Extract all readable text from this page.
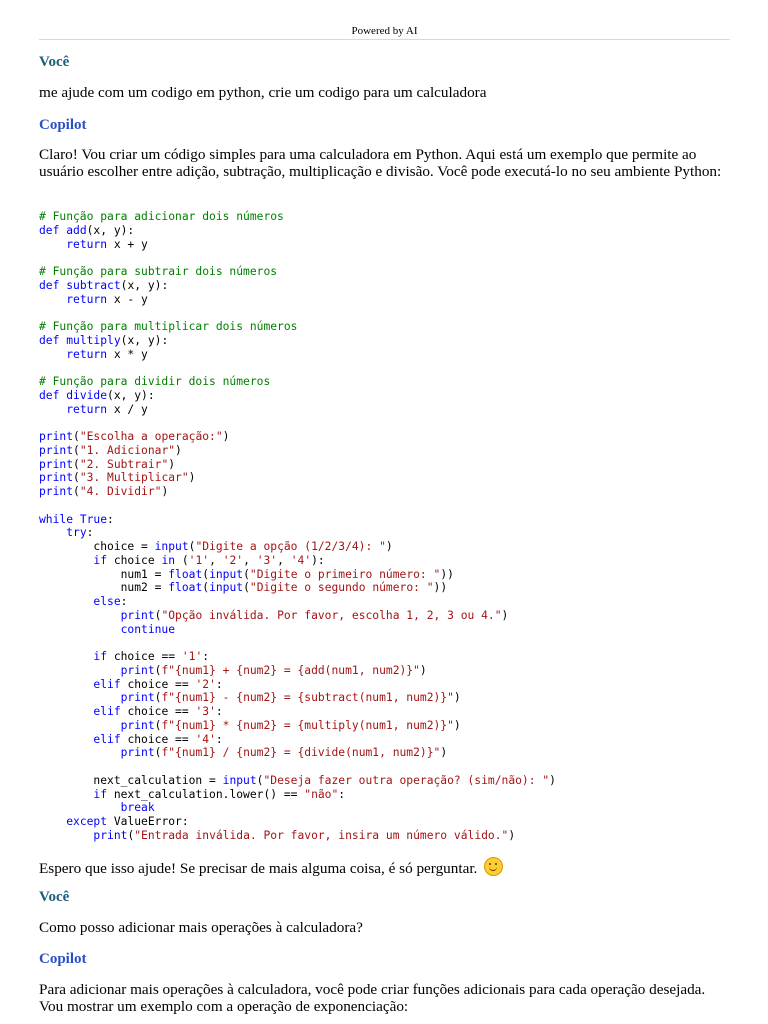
Powered by AI
Você
me ajude com um codigo em python, crie um codigo para um calculadora
Copilot
Claro! Vou criar um código simples para uma calculadora em Python. Aqui está um exemplo que permite ao usuário escolher entre adição, subtração, multiplicação e divisão. Você pode executá-lo no seu ambiente Python:
# Função para adicionar dois números
def add(x, y):
return x + y

# Função para subtrair dois números
def subtract(x, y):
return x - y

# Função para multiplicar dois números
def multiply(x, y):
return x * y

# Função para dividir dois números
def divide(x, y):
return x / y

print("Escolha a operação:")
print("1. Adicionar")
print("2. Subtrair")
print("3. Multiplicar")
print("4. Dividir")

while True:
try:
choice = input("Digite a opção (1/2/3/4): ")
if choice in ('1', '2', '3', '4'):
num1 = float(input("Digite o primeiro número: "))
num2 = float(input("Digite o segundo número: "))
else:
print("Opção inválida. Por favor, escolha 1, 2, 3 ou 4.")
continue

if choice == '1':
print(f"{num1} + {num2} = {add(num1, num2)}")
elif choice == '2':
print(f"{num1} - {num2} = {subtract(num1, num2)}")
elif choice == '3':
print(f"{num1} * {num2} = {multiply(num1, num2)}")
elif choice == '4':
print(f"{num1} / {num2} = {divide(num1, num2)}")

next_calculation = input("Deseja fazer outra operação? (sim/não): ")
if next_calculation.lower() == "não":
break
except ValueError:
print("Entrada inválida. Por favor, insira um número válido.")
Espero que isso ajude! Se precisar de mais alguma coisa, é só perguntar.
Você
Como posso adicionar mais operações à calculadora?
Copilot
Para adicionar mais operações à calculadora, você pode criar funções adicionais para cada operação desejada. Vou mostrar um exemplo com a operação de exponenciação:
